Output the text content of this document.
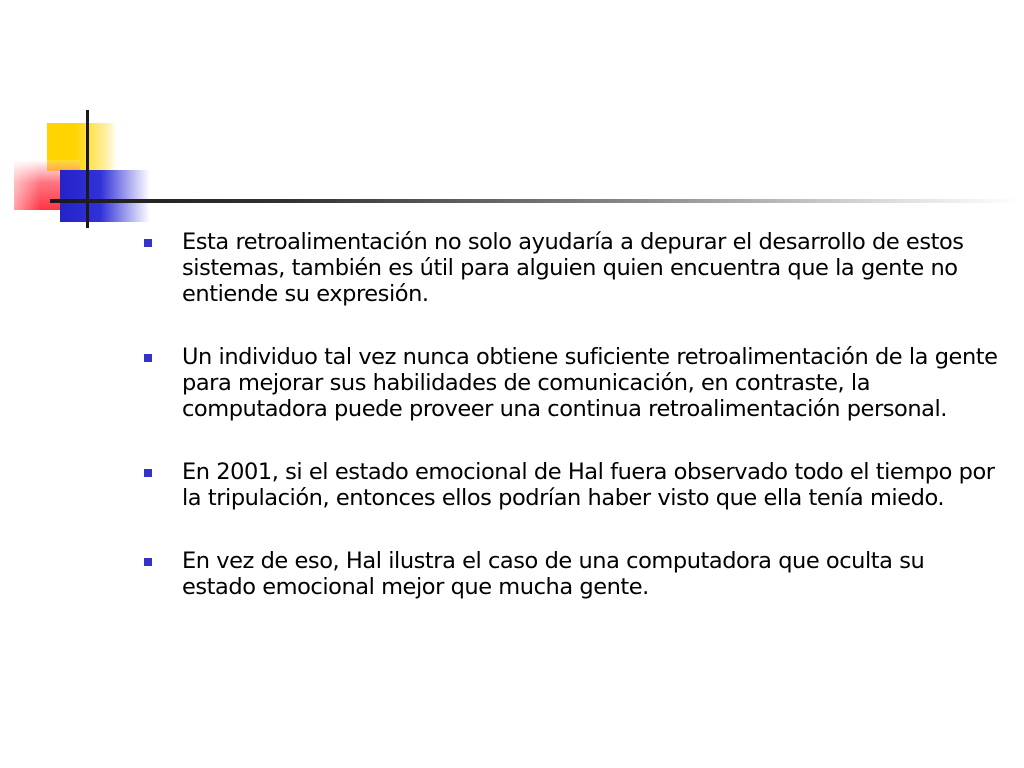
Esta retroalimentación no solo ayudaría a depurar el desarrollo de estos sistemas, también es útil para alguien quien encuentra que la gente no entiende su expresión.
Un individuo tal vez nunca obtiene suficiente retroalimentación de la gente para mejorar sus habilidades de comunicación, en contraste, la computadora puede proveer una continua retroalimentación personal.
En 2001, si el estado emocional de Hal fuera observado todo el tiempo por la tripulación, entonces ellos podrían haber visto que ella tenía miedo.
En vez de eso, Hal ilustra el caso de una computadora que oculta su estado emocional mejor que mucha gente.
